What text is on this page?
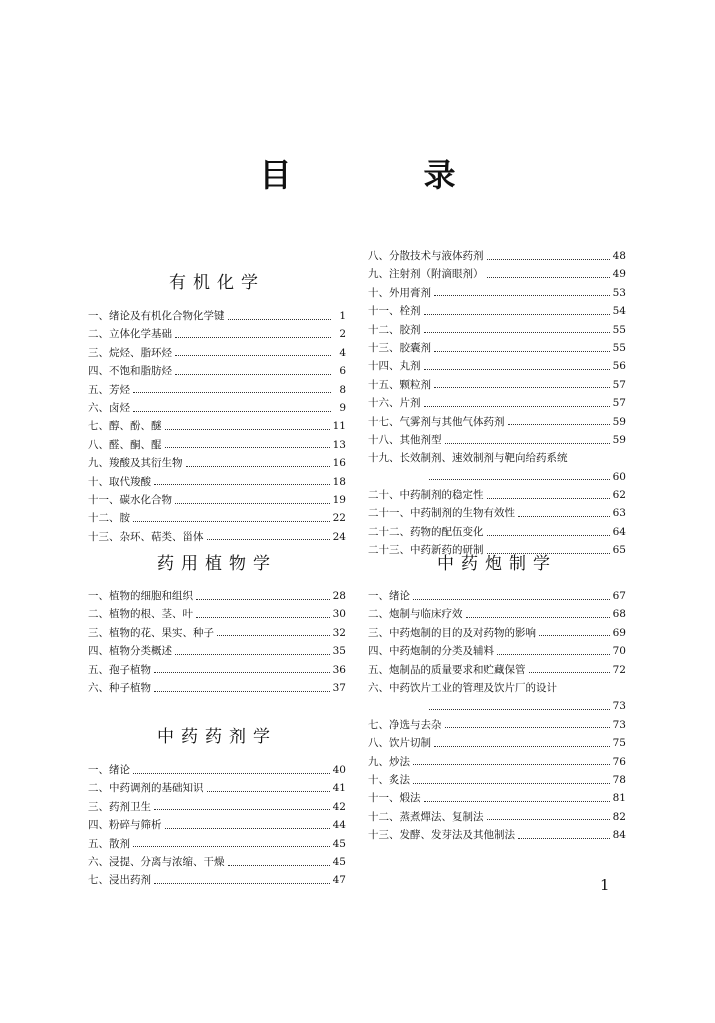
目　录
有机化学
一、绪论及有机化合物化学键	1
二、立体化学基础	2
三、烷烃、脂环烃	4
四、不饱和脂肪烃	6
五、芳烃	8
六、卤烃	9
七、醇、酚、醚	11
八、醛、酮、醌	13
九、羧酸及其衍生物	16
十、取代羧酸	18
十一、碳水化合物	19
十二、胺	22
十三、杂环、萜类、甾体	24
药用植物学
一、植物的细胞和组织	28
二、植物的根、茎、叶	30
三、植物的花、果实、种子	32
四、植物分类概述	35
五、孢子植物	36
六、种子植物	37
中药药剂学
一、绪论	40
二、中药调剂的基础知识	41
三、药剂卫生	42
四、粉碎与筛析	44
五、散剂	45
六、浸提、分离与浓缩、干燥	45
七、浸出药剂	47
八、分散技术与液体药剂	48
九、注射剂（附滴眼剂）	49
十、外用膏剂	53
十一、栓剂	54
十二、胶剂	55
十三、胶囊剂	55
十四、丸剂	56
十五、颗粒剂	57
十六、片剂	57
十七、气雾剂与其他气体药剂	59
十八、其他剂型	59
十九、长效制剂、速效制剂与靶向给药系统
60
二十、中药制剂的稳定性	62
二十一、中药制剂的生物有效性	63
二十二、药物的配伍变化	64
二十三、中药新药的研制	65
中药炮制学
一、绪论	67
二、炮制与临床疗效	68
三、中药炮制的目的及对药物的影响	69
四、中药炮制的分类及辅料	70
五、炮制品的质量要求和贮藏保管	72
六、中药饮片工业的管理及饮片厂的设计
73
七、净选与去杂	73
八、饮片切制	75
九、炒法	76
十、炙法	78
十一、煅法	81
十二、蒸煮燀法、复制法	82
十三、发酵、发芽法及其他制法	84
1
